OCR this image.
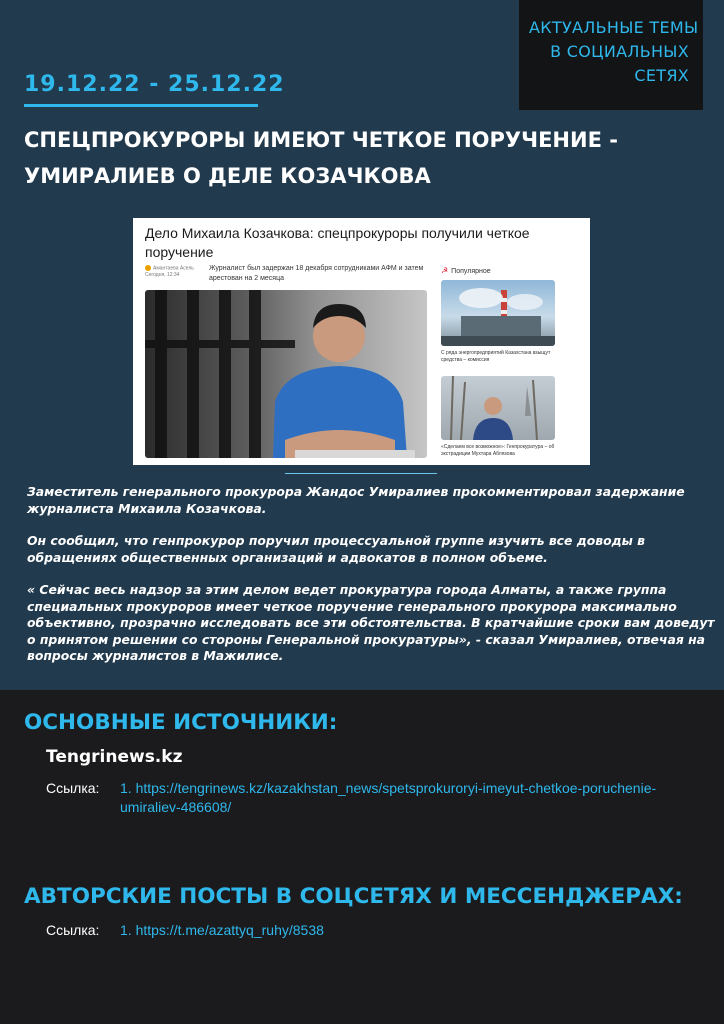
АКТУАЛЬНЫЕ ТЕМЫ
В СОЦИАЛЬНЫХ
СЕТЯХ
19.12.22 - 25.12.22
СПЕЦПРОКУРОРЫ ИМЕЮТ ЧЕТКОЕ ПОРУЧЕНИЕ - УМИРАЛИЕВ О ДЕЛЕ КОЗАЧКОВА
Дело Михаила Козачкова: спецпрокуроры получили четкое поручение
Амантаева Асель
Сегодня, 12:34
Журналист был задержан 18 декабря сотрудниками АФМ и затем арестован на 2 месяца
☭ Популярное
С ряда энергопредприятий Казахстана взыщут средства – комиссия
«Сделаем все возможное»: Генпрокуратура – об экстрадиции Мухтара Аблязова

Заместитель генерального прокурора Жандос Умиралиев прокомментировал задержание журналиста Михаила Козачкова.

Он сообщил, что генпрокурор поручил процессуальной группе изучить все доводы в обращениях общественных организаций и адвокатов в полном объеме.

« Сейчас весь надзор за этим делом ведет прокуратура города Алматы, а также группа специальных прокуроров имеет четкое поручение генерального прокурора максимально объективно, прозрачно исследовать все эти обстоятельства. В кратчайшие сроки вам доведут о принятом решении со стороны Генеральной прокуратуры», - сказал Умиралиев, отвечая на вопросы журналистов в Мажилисе.

ОСНОВНЫЕ ИСТОЧНИКИ:
Tengrinews.kz
Ссылка: 1. https://tengrinews.kz/kazakhstan_news/spetsprokuroryi-imeyut-chetkoe-poruchenie-umiraliev-486608/
АВТОРСКИЕ ПОСТЫ В СОЦСЕТЯХ И МЕССЕНДЖЕРАХ:
Ссылка: 1. https://t.me/azattyq_ruhy/8538
